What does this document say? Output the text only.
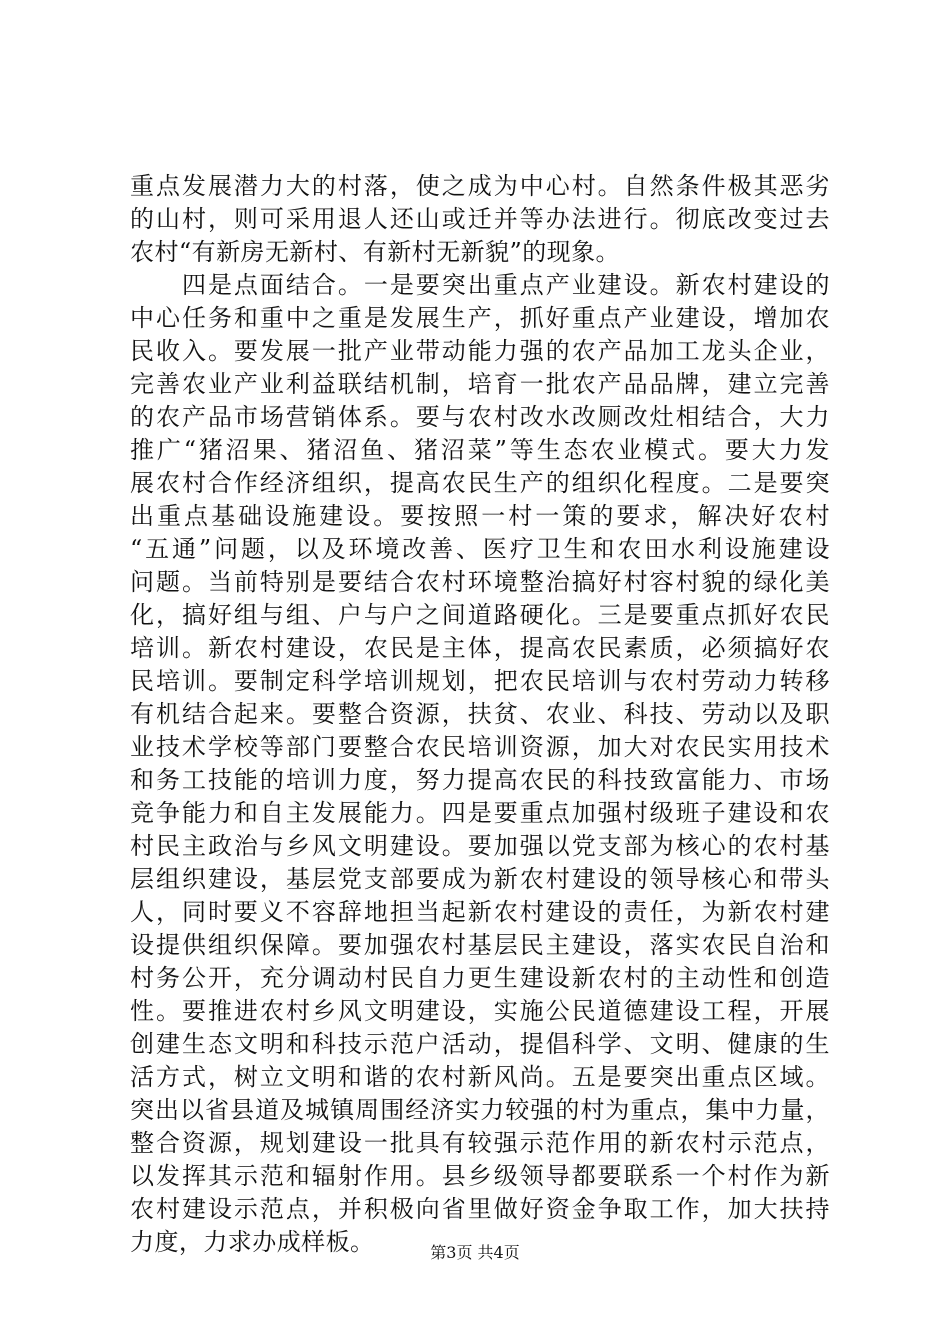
重点发展潜力大的村落，使之成为中心村。自然条件极其恶劣
的山村，则可采用退人还山或迁并等办法进行。彻底改变过去
农村“有新房无新村、有新村无新貌”的现象。
　　四是点面结合。一是要突出重点产业建设。新农村建设的
中心任务和重中之重是发展生产，抓好重点产业建设，增加农
民收入。要发展一批产业带动能力强的农产品加工龙头企业，
完善农业产业利益联结机制，培育一批农产品品牌，建立完善
的农产品市场营销体系。要与农村改水改厕改灶相结合，大力
推广“猪沼果、猪沼鱼、猪沼菜”等生态农业模式。要大力发
展农村合作经济组织，提高农民生产的组织化程度。二是要突
出重点基础设施建设。要按照一村一策的要求，解决好农村
“五通”问题，以及环境改善、医疗卫生和农田水利设施建设
问题。当前特别是要结合农村环境整治搞好村容村貌的绿化美
化，搞好组与组、户与户之间道路硬化。三是要重点抓好农民
培训。新农村建设，农民是主体，提高农民素质，必须搞好农
民培训。要制定科学培训规划，把农民培训与农村劳动力转移
有机结合起来。要整合资源，扶贫、农业、科技、劳动以及职
业技术学校等部门要整合农民培训资源，加大对农民实用技术
和务工技能的培训力度，努力提高农民的科技致富能力、市场
竞争能力和自主发展能力。四是要重点加强村级班子建设和农
村民主政治与乡风文明建设。要加强以党支部为核心的农村基
层组织建设，基层党支部要成为新农村建设的领导核心和带头
人，同时要义不容辞地担当起新农村建设的责任，为新农村建
设提供组织保障。要加强农村基层民主建设，落实农民自治和
村务公开，充分调动村民自力更生建设新农村的主动性和创造
性。要推进农村乡风文明建设，实施公民道德建设工程，开展
创建生态文明和科技示范户活动，提倡科学、文明、健康的生
活方式，树立文明和谐的农村新风尚。五是要突出重点区域。
突出以省县道及城镇周围经济实力较强的村为重点，集中力量，
整合资源，规划建设一批具有较强示范作用的新农村示范点，
以发挥其示范和辐射作用。县乡级领导都要联系一个村作为新
农村建设示范点，并积极向省里做好资金争取工作，加大扶持
力度，力求办成样板。	第3页 共4页
